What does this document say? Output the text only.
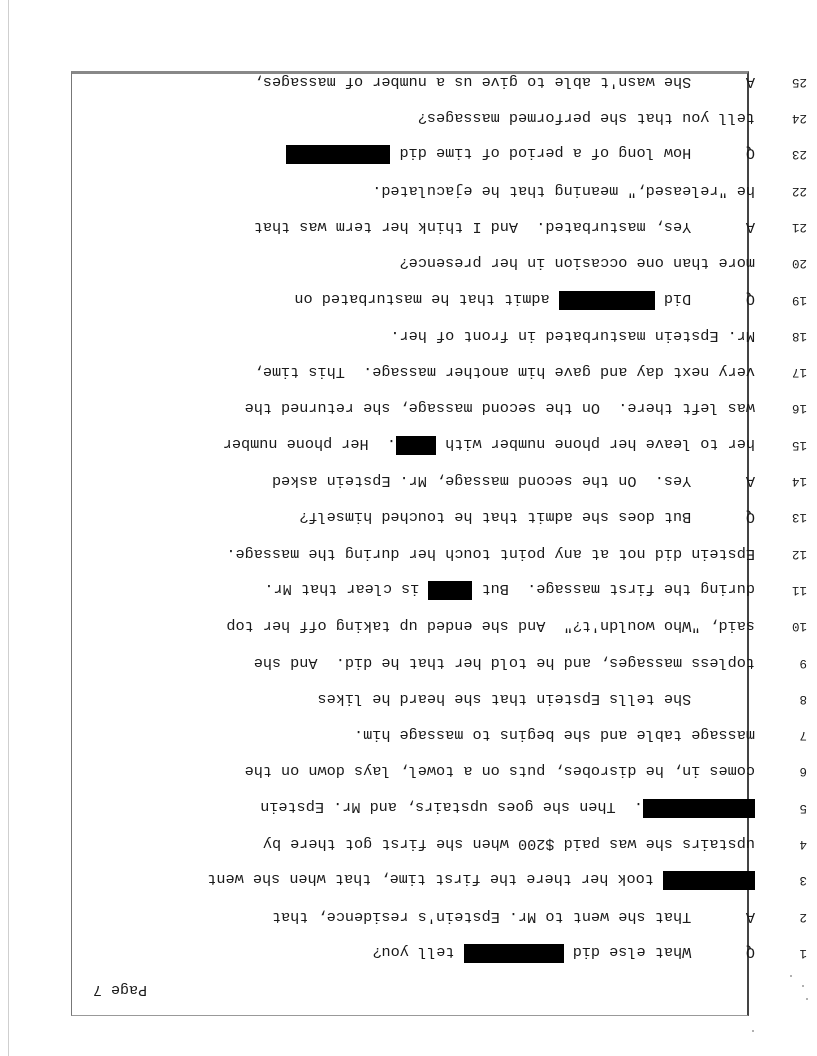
Page 7
1
Q      What else did  tell you?
2
A      That she went to Mr. Epstein's residence, that
3
took her there the first time, that when she went
4
upstairs she was paid $200 when she first got there by
5
.  Then she goes upstairs, and Mr. Epstein
6
comes in, he disrobes, puts on a towel, lays down on the
7
massage table and she begins to massage him.
8
She tells Epstein that she heard he likes
9
topless massages, and he told her that he did.  And she
10
said, "Who wouldn't?"  And she ended up taking off her top
11
during the first massage.  But  is clear that Mr.
12
Epstein did not at any point touch her during the massage.
13
Q      But does she admit that he touched himself?
14
A      Yes.  On the second massage, Mr. Epstein asked
15
her to leave her phone number with .  Her phone number
16
was left there.  On the second massage, she returned the
17
very next day and gave him another massage.  This time,
18
Mr. Epstein masturbated in front of her.
19
Q      Did  admit that he masturbated on
20
more than one occasion in her presence?
21
A      Yes, masturbated.  And I think her term was that
22
he "released," meaning that he ejaculated.
23
Q      How long of a period of time did
24
tell you that she performed massages?
25
A      She wasn't able to give us a number of massages,
